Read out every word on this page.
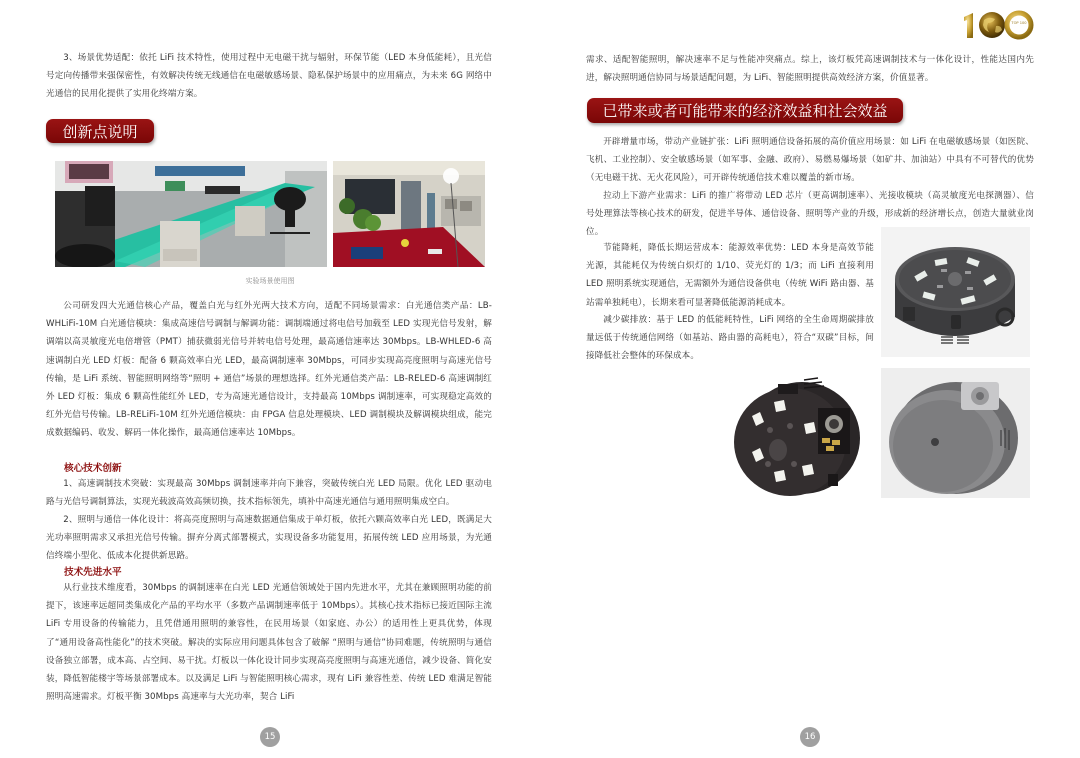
TOP 100

3、场景优势适配：依托 LiFi 技术特性，使用过程中无电磁干扰与辐射，环保节能（LED 本身低能耗），且光信号定向传播带来强保密性，有效解决传统无线通信在电磁敏感场景、隐私保护场景中的应用痛点，为未来 6G 网络中光通信的民用化提供了实用化终端方案。

创新点说明
实验场景使用图

公司研发四大光通信核心产品，覆盖白光与红外光两大技术方向，适配不同场景需求：白光通信类产品：LB-WHLiFi-10M 白光通信模块：集成高速信号调制与解调功能：调制端通过将电信号加载至 LED 实现光信号发射，解调端以高灵敏度光电倍增管（PMT）捕获微弱光信号并转电信号处理，最高通信速率达 30Mbps。LB-WHLED-6 高速调制白光 LED 灯板：配备 6 颗高效率白光 LED，最高调制速率 30Mbps，可同步实现高亮度照明与高速光信号传输，是 LiFi 系统、智能照明网络等“照明 + 通信”场景的理想选择。红外光通信类产品：LB-RELED-6 高速调制红外 LED 灯板：集成 6 颗高性能红外 LED，专为高速光通信设计，支持最高 10Mbps 调制速率，可实现稳定高效的红外光信号传输。LB-RELiFi-10M 红外光通信模块：由 FPGA 信息处理模块、LED 调制模块及解调模块组成，能完成数据编码、收发、解码一体化操作，最高通信速率达 10Mbps。

核心技术创新

1、高速调制技术突破：实现最高 30Mbps 调制速率并向下兼容，突破传统白光 LED 局限。优化 LED 驱动电路与光信号调制算法，实现光载波高效高频切换，技术指标领先，填补中高速光通信与通用照明集成空白。

2、照明与通信一体化设计：将高亮度照明与高速数据通信集成于单灯板，依托六颗高效率白光 LED，既满足大光功率照明需求又承担光信号传输。摒弃分离式部署模式，实现设备多功能复用，拓展传统 LED 应用场景，为光通信终端小型化、低成本化提供新思路。

技术先进水平

从行业技术维度看，30Mbps 的调制速率在白光 LED 光通信领域处于国内先进水平，尤其在兼顾照明功能的前提下，该速率远超同类集成化产品的平均水平（多数产品调制速率低于 10Mbps）。其核心技术指标已接近国际主流 LiFi 专用设备的传输能力，且凭借通用照明的兼容性，在民用场景（如家庭、办公）的适用性上更具优势，体现了“通用设备高性能化”的技术突破。解决的实际应用问题具体包含了破解 “照明与通信”协同难题，传统照明与通信设备独立部署，成本高、占空间、易干扰。灯板以一体化设计同步实现高亮度照明与高速光通信，减少设备、简化安装，降低智能楼宇等场景部署成本。以及满足 LiFi 与智能照明核心需求，现有 LiFi 兼容性差、传统 LED 难满足智能照明高速需求。灯板平衡 30Mbps 高速率与大光功率，契合 LiFi

15

需求、适配智能照明，解决速率不足与性能冲突痛点。综上，该灯板凭高速调制技术与一体化设计，性能达国内先进，解决照明通信协同与场景适配问题，为 LiFi、智能照明提供高效经济方案，价值显著。

已带来或者可能带来的经济效益和社会效益

开辟增量市场，带动产业链扩张：LiFi 照明通信设备拓展的高价值应用场景：如 LiFi 在电磁敏感场景（如医院、飞机、工业控制）、安全敏感场景（如军事、金融、政府）、易燃易爆场景（如矿井、加油站）中具有不可替代的优势（无电磁干扰、无火花风险），可开辟传统通信技术难以覆盖的新市场。

拉动上下游产业需求：LiFi 的推广将带动 LED 芯片（更高调制速率）、光接收模块（高灵敏度光电探测器）、信号处理算法等核心技术的研发，促进半导体、通信设备、照明等产业的升级，形成新的经济增长点，创造大量就业岗位。

节能降耗，降低长期运营成本：能源效率优势：LED 本身是高效节能光源，其能耗仅为传统白炽灯的 1/10、荧光灯的 1/3；而 LiFi 直接利用 LED 照明系统实现通信，无需额外为通信设备供电（传统 WiFi 路由器、基站需单独耗电），长期来看可显著降低能源消耗成本。

减少碳排放：基于 LED 的低能耗特性，LiFi 网络的全生命周期碳排放量远低于传统通信网络（如基站、路由器的高耗电），符合“双碳”目标，间接降低社会整体的环保成本。

16
